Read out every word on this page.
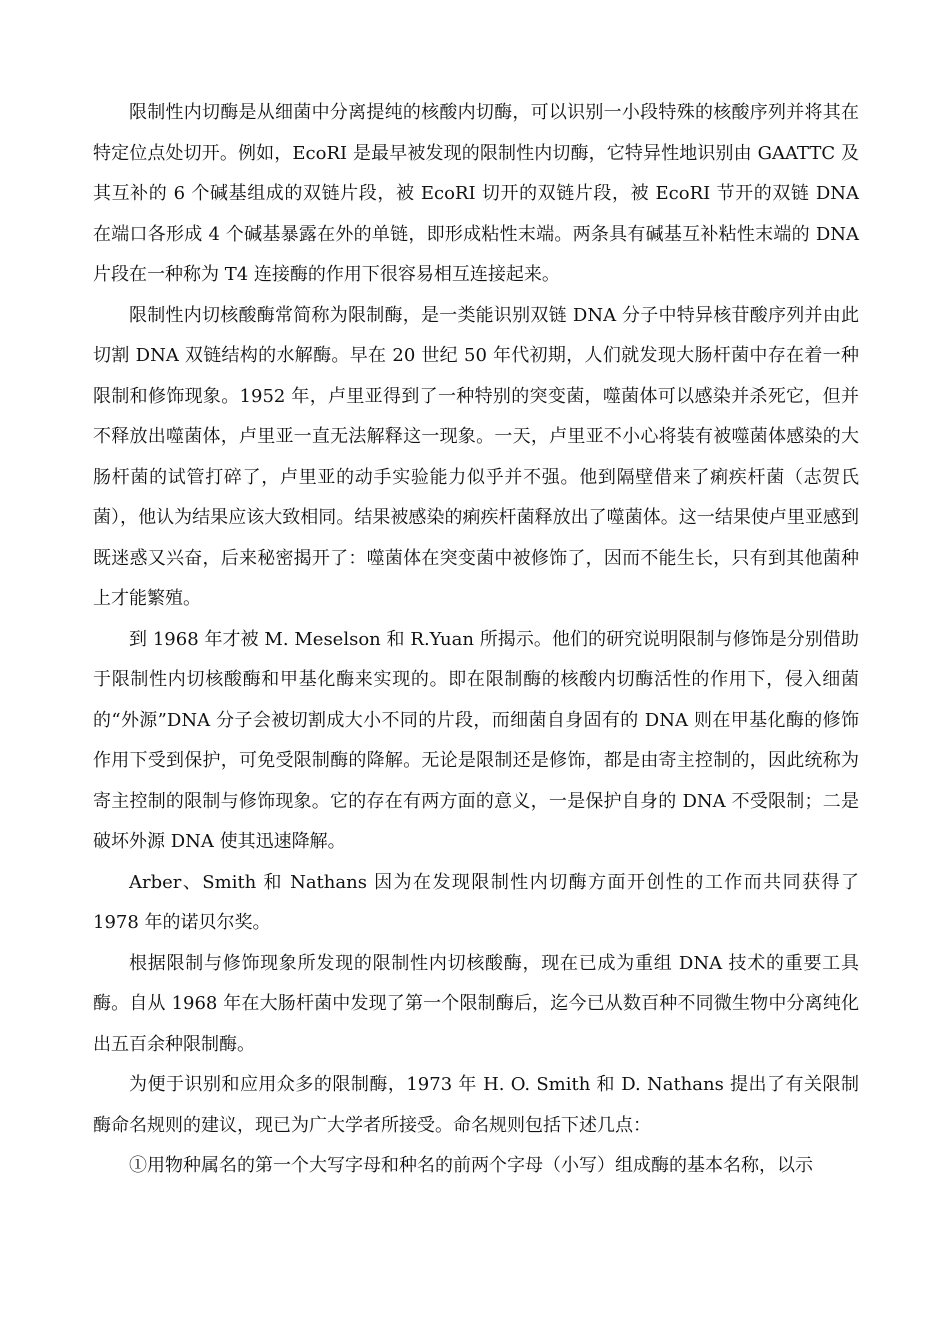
限制性内切酶是从细菌中分离提纯的核酸内切酶，可以识别一小段特殊的核酸序列并将其在特定位点处切开。例如，EcoRI 是最早被发现的限制性内切酶，它特异性地识别由 GAATTC 及其互补的 6 个碱基组成的双链片段，被 EcoRI 切开的双链片段，被 EcoRI 节开的双链 DNA 在端口各形成 4 个碱基暴露在外的单链，即形成粘性末端。两条具有碱基互补粘性末端的 DNA 片段在一种称为 T4 连接酶的作用下很容易相互连接起来。

限制性内切核酸酶常简称为限制酶，是一类能识别双链 DNA 分子中特异核苷酸序列并由此切割 DNA 双链结构的水解酶。早在 20 世纪 50 年代初期，人们就发现大肠杆菌中存在着一种限制和修饰现象。1952 年，卢里亚得到了一种特别的突变菌，噬菌体可以感染并杀死它，但并不释放出噬菌体，卢里亚一直无法解释这一现象。一天，卢里亚不小心将装有被噬菌体感染的大肠杆菌的试管打碎了，卢里亚的动手实验能力似乎并不强。他到隔壁借来了痢疾杆菌（志贺氏菌），他认为结果应该大致相同。结果被感染的痢疾杆菌释放出了噬菌体。这一结果使卢里亚感到既迷惑又兴奋，后来秘密揭开了：噬菌体在突变菌中被修饰了，因而不能生长，只有到其他菌种上才能繁殖。

到 1968 年才被 M. Meselson 和 R.Yuan 所揭示。他们的研究说明限制与修饰是分别借助于限制性内切核酸酶和甲基化酶来实现的。即在限制酶的核酸内切酶活性的作用下，侵入细菌的“外源”DNA 分子会被切割成大小不同的片段，而细菌自身固有的 DNA 则在甲基化酶的修饰作用下受到保护，可免受限制酶的降解。无论是限制还是修饰，都是由寄主控制的，因此统称为寄主控制的限制与修饰现象。它的存在有两方面的意义，一是保护自身的 DNA 不受限制；二是破坏外源 DNA 使其迅速降解。

Arber、Smith 和 Nathans 因为在发现限制性内切酶方面开创性的工作而共同获得了 1978 年的诺贝尔奖。

根据限制与修饰现象所发现的限制性内切核酸酶，现在已成为重组 DNA 技术的重要工具酶。自从 1968 年在大肠杆菌中发现了第一个限制酶后，迄今已从数百种不同微生物中分离纯化出五百余种限制酶。

为便于识别和应用众多的限制酶，1973 年 H. O. Smith 和 D. Nathans 提出了有关限制酶命名规则的建议，现已为广大学者所接受。命名规则包括下述几点：

①用物种属名的第一个大写字母和种名的前两个字母（小写）组成酶的基本名称，以示
